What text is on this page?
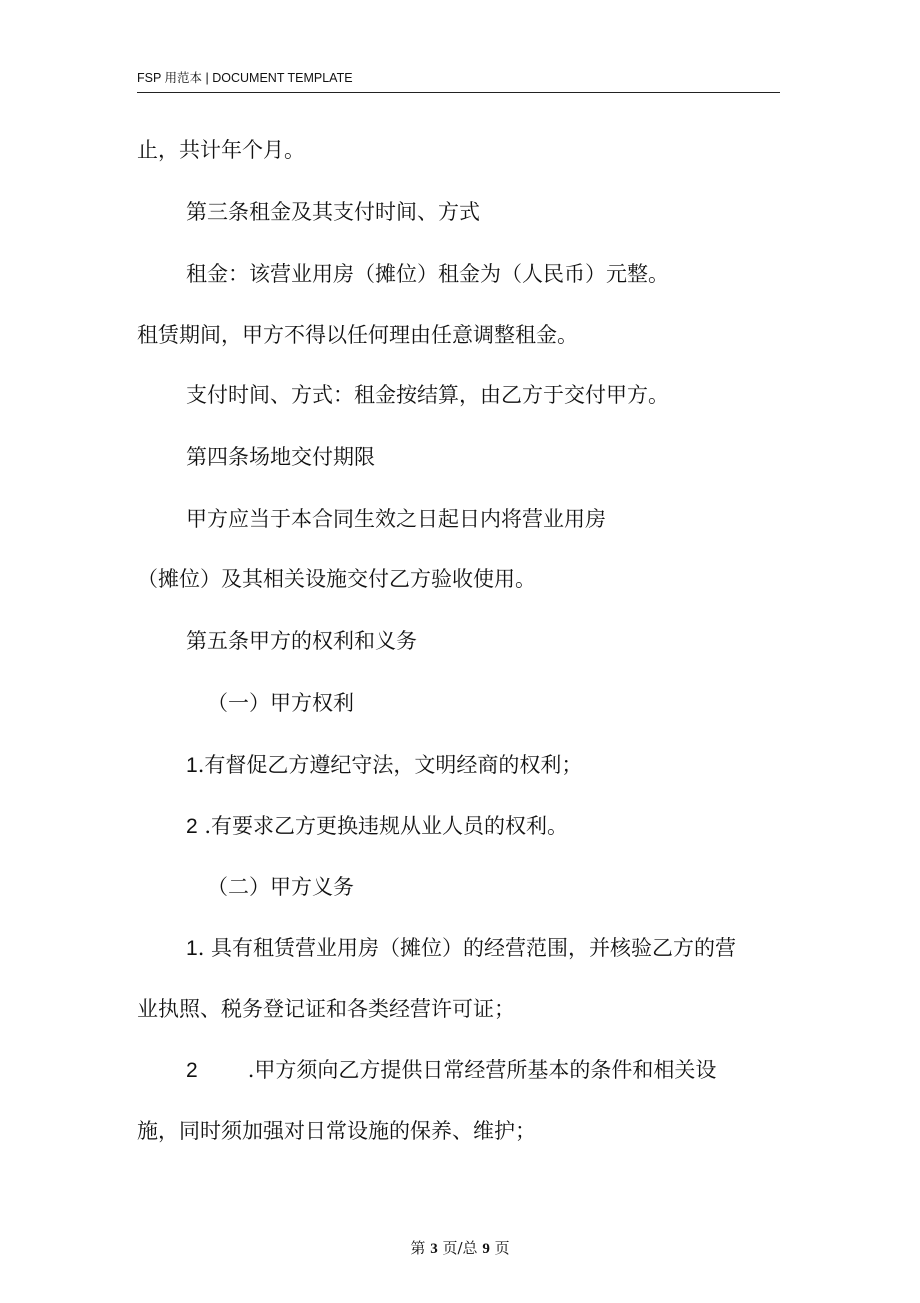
FSP 用范本 | DOCUMENT TEMPLATE
止，共计年个月。
第三条租金及其支付时间、方式
租金：该营业用房（摊位）租金为（人民币）元整。
租赁期间，甲方不得以任何理由任意调整租金。
支付时间、方式：租金按结算，由乙方于交付甲方。
第四条场地交付期限
甲方应当于本合同生效之日起日内将营业用房
（摊位）及其相关设施交付乙方验收使用。
第五条甲方的权利和义务
（一）甲方权利
1.有督促乙方遵纪守法，文明经商的权利；
2 .有要求乙方更换违规从业人员的权利。
（二）甲方义务
1. 具有租赁营业用房（摊位）的经营范围，并核验乙方的营
业执照、税务登记证和各类经营许可证；
2 .甲方须向乙方提供日常经营所基本的条件和相关设
施，同时须加强对日常设施的保养、维护；
第 3 页/总 9 页
